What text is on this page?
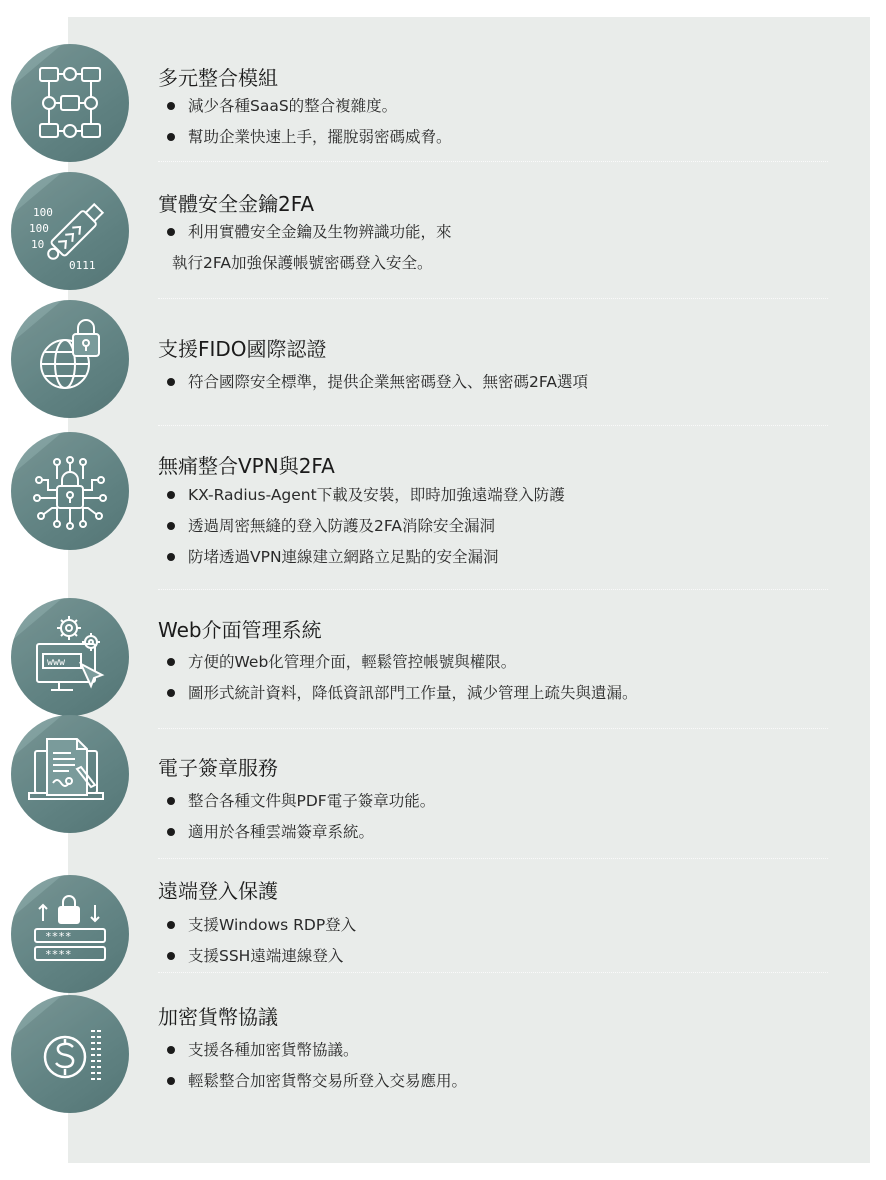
多元整合模組
減少各種SaaS的整合複雜度。
幫助企業快速上手，擺脫弱密碼威脅。
100
100
10
0111
實體安全金鑰2FA
利用實體安全金鑰及生物辨識功能，來
執行2FA加強保護帳號密碼登入安全。
支援FIDO國際認證
符合國際安全標準，提供企業無密碼登入、無密碼2FA選項
無痛整合VPN與2FA
KX-Radius-Agent下載及安裝，即時加強遠端登入防護
透過周密無縫的登入防護及2FA消除安全漏洞
防堵透過VPN連線建立網路立足點的安全漏洞
www
Web介面管理系統
方便的Web化管理介面，輕鬆管控帳號與權限。
圖形式統計資料，降低資訊部門工作量，減少管理上疏失與遺漏。
電子簽章服務
整合各種文件與PDF電子簽章功能。
適用於各種雲端簽章系統。
****
****
遠端登入保護
支援Windows RDP登入
支援SSH遠端連線登入
加密貨幣協議
支援各種加密貨幣協議。
輕鬆整合加密貨幣交易所登入交易應用。
